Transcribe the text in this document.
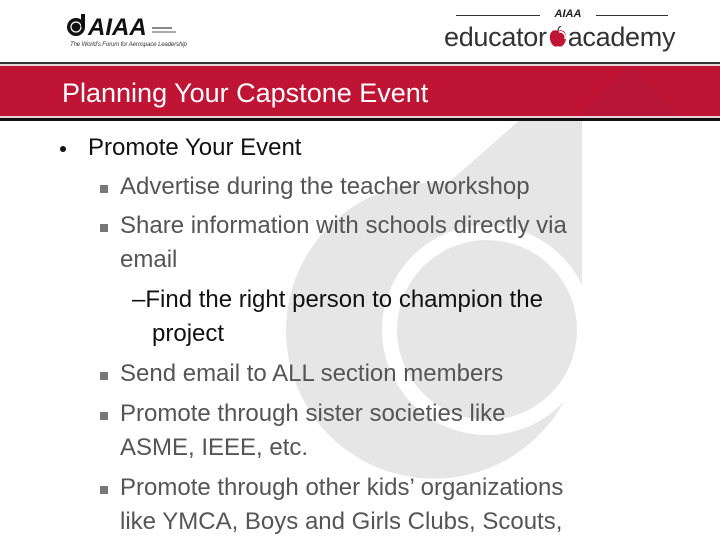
AIAA
The World's Forum for Aerospace Leadership
AIAA
educator academy
Planning Your Capstone Event
Promote Your Event
Advertise during the teacher workshop
Share information with schools directly via
email
–Find the right person to champion the
project
Send email to ALL section members
Promote through sister societies like
ASME, IEEE, etc.
Promote through other kids’ organizations
like YMCA, Boys and Girls Clubs, Scouts,
